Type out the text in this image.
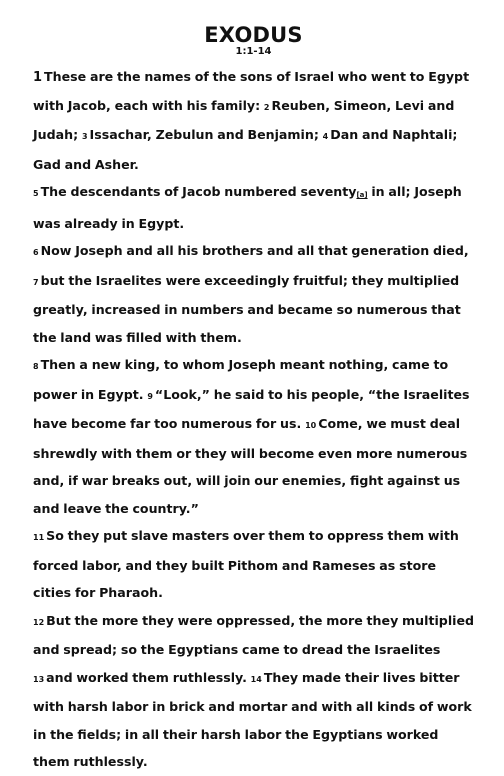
EXODUS
1:1-14

1 These are the names of the sons of Israel who went to Egypt with Jacob, each with his family: 2 Reuben, Simeon, Levi and Judah; 3 Issachar, Zebulun and Benjamin; 4 Dan and Naphtali; Gad and Asher.

5 The descendants of Jacob numbered seventy[a] in all; Joseph was already in Egypt.

6 Now Joseph and all his brothers and all that generation died, 7 but the Israelites were exceedingly fruitful; they multiplied greatly, increased in numbers and became so numerous that the land was filled with them.

8 Then a new king, to whom Joseph meant nothing, came to power in Egypt. 9 “Look,” he said to his people, “the Israelites have become far too numerous for us. 10 Come, we must deal shrewdly with them or they will become even more numerous and, if war breaks out, will join our enemies, fight against us and leave the country.”

11 So they put slave masters over them to oppress them with forced labor, and they built Pithom and Rameses as store cities for Pharaoh.

12 But the more they were oppressed, the more they multiplied and spread; so the Egyptians came to dread the Israelites 13 and worked them ruthlessly. 14 They made their lives bitter with harsh labor in brick and mortar and with all kinds of work in the fields; in all their harsh labor the Egyptians worked them ruthlessly.
